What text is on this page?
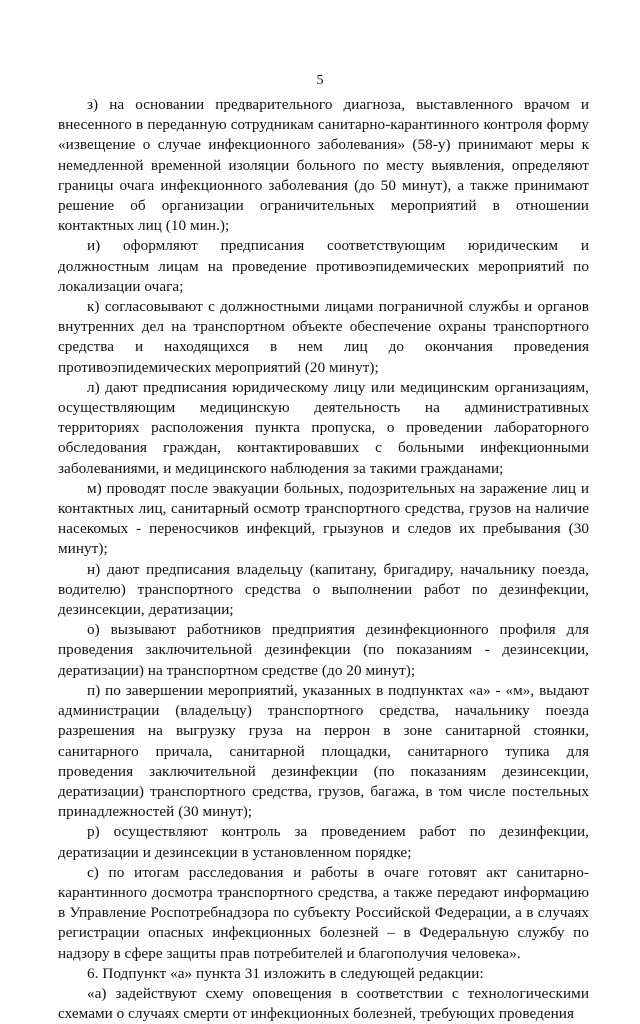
5

з) на основании предварительного диагноза, выставленного врачом и внесенного в переданную сотрудникам санитарно-карантинного контроля форму «извещение о случае инфекционного заболевания» (58-у) принимают меры к немедленной временной изоляции больного по месту выявления, определяют границы очага инфекционного заболевания (до 50 минут), а также принимают решение об организации ограничительных мероприятий в отношении контактных лиц (10 мин.);

и) оформляют предписания соответствующим юридическим и должностным лицам на проведение противоэпидемических мероприятий по локализации очага;

к) согласовывают с должностными лицами пограничной службы и органов внутренних дел на транспортном объекте обеспечение охраны транспортного средства и находящихся в нем лиц до окончания проведения противоэпидемических мероприятий (20 минут);

л) дают предписания юридическому лицу или медицинским организациям, осуществляющим медицинскую деятельность на административных территориях расположения пункта пропуска, о проведении лабораторного обследования граждан, контактировавших с больными инфекционными заболеваниями, и медицинского наблюдения за такими гражданами;

м) проводят после эвакуации больных, подозрительных на заражение лиц и контактных лиц, санитарный осмотр транспортного средства, грузов на наличие насекомых - переносчиков инфекций, грызунов и следов их пребывания (30 минут);

н) дают предписания владельцу (капитану, бригадиру, начальнику поезда, водителю) транспортного средства о выполнении работ по дезинфекции, дезинсекции, дератизации;

о) вызывают работников предприятия дезинфекционного профиля для проведения заключительной дезинфекции (по показаниям - дезинсекции, дератизации) на транспортном средстве (до 20 минут);

п) по завершении мероприятий, указанных в подпунктах «а» - «м», выдают администрации (владельцу) транспортного средства, начальнику поезда разрешения на выгрузку груза на перрон в зоне санитарной стоянки, санитарного причала, санитарной площадки, санитарного тупика для проведения заключительной дезинфекции (по показаниям дезинсекции, дератизации) транспортного средства, грузов, багажа, в том числе постельных принадлежностей (30 минут);

р) осуществляют контроль за проведением работ по дезинфекции, дератизации и дезинсекции в установленном порядке;

с) по итогам расследования и работы в очаге готовят акт санитарно-карантинного досмотра транспортного средства, а также передают информацию в Управление Роспотребнадзора по субъекту Российской Федерации, а в случаях регистрации опасных инфекционных болезней – в Федеральную службу по надзору в сфере защиты прав потребителей и благополучия человека».

6. Подпункт «а» пункта 31 изложить в следующей редакции:

«а) задействуют схему оповещения в соответствии с технологическими схемами о случаях смерти от инфекционных болезней, требующих проведения
